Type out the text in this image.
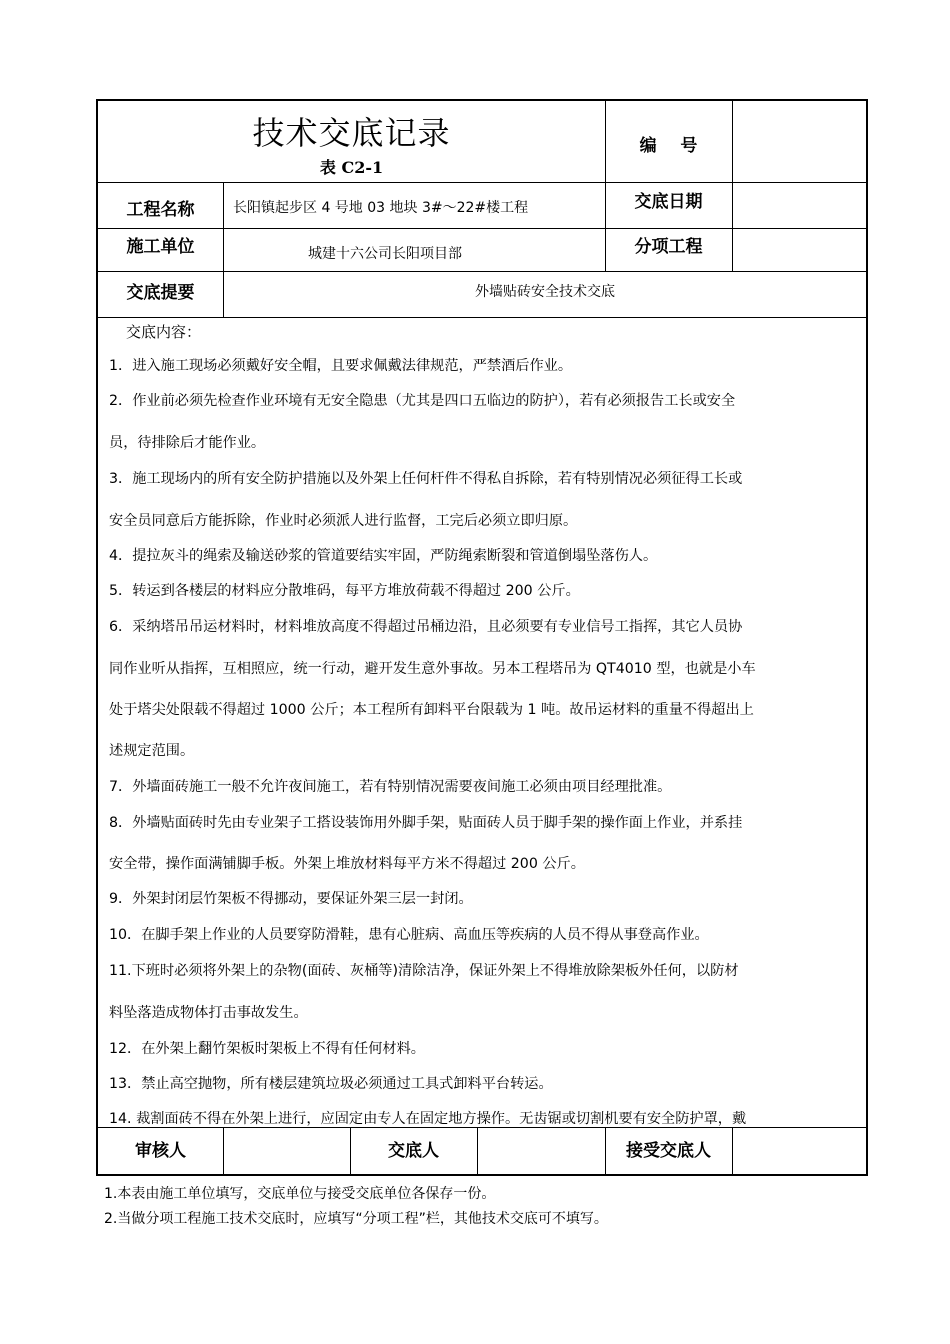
技术交底记录
表 C2-1
编    号
工程名称	长阳镇起步区 4 号地 03 地块 3#～22#楼工程	交底日期
施工单位	城建十六公司长阳项目部	分项工程
交底提要	外墙贴砖安全技术交底
交底内容：
1．进入施工现场必须戴好安全帽，且要求佩戴法律规范，严禁酒后作业。
2．作业前必须先检查作业环境有无安全隐患（尤其是四口五临边的防护），若有必须报告工长或安全
员，待排除后才能作业。
3．施工现场内的所有安全防护措施以及外架上任何杆件不得私自拆除，若有特别情况必须征得工长或
安全员同意后方能拆除，作业时必须派人进行监督，工完后必须立即归原。
4．提拉灰斗的绳索及输送砂浆的管道要结实牢固，严防绳索断裂和管道倒塌坠落伤人。
5．转运到各楼层的材料应分散堆码，每平方堆放荷载不得超过 200 公斤。
6．采纳塔吊吊运材料时，材料堆放高度不得超过吊桶边沿，且必须要有专业信号工指挥，其它人员协
同作业听从指挥，互相照应，统一行动，避开发生意外事故。另本工程塔吊为 QT4010 型，也就是小车
处于塔尖处限载不得超过 1000 公斤；本工程所有卸料平台限载为 1 吨。故吊运材料的重量不得超出上
述规定范围。
7．外墙面砖施工一般不允许夜间施工，若有特别情况需要夜间施工必须由项目经理批准。
8．外墙贴面砖时先由专业架子工搭设装饰用外脚手架，贴面砖人员于脚手架的操作面上作业，并系挂
安全带，操作面满铺脚手板。外架上堆放材料每平方米不得超过 200 公斤。
9．外架封闭层竹架板不得挪动，要保证外架三层一封闭。
10．在脚手架上作业的人员要穿防滑鞋，患有心脏病、高血压等疾病的人员不得从事登高作业。
11.下班时必须将外架上的杂物(面砖、灰桶等)清除洁净，保证外架上不得堆放除架板外任何，以防材
料坠落造成物体打击事故发生。
12．在外架上翻竹架板时架板上不得有任何材料。
13．禁止高空抛物，所有楼层建筑垃圾必须通过工具式卸料平台转运。
14. 裁割面砖不得在外架上进行，应固定由专人在固定地方操作。无齿锯或切割机要有安全防护罩，戴
审核人	交底人	接受交底人
1.本表由施工单位填写，交底单位与接受交底单位各保存一份。
2.当做分项工程施工技术交底时，应填写“分项工程”栏，其他技术交底可不填写。
